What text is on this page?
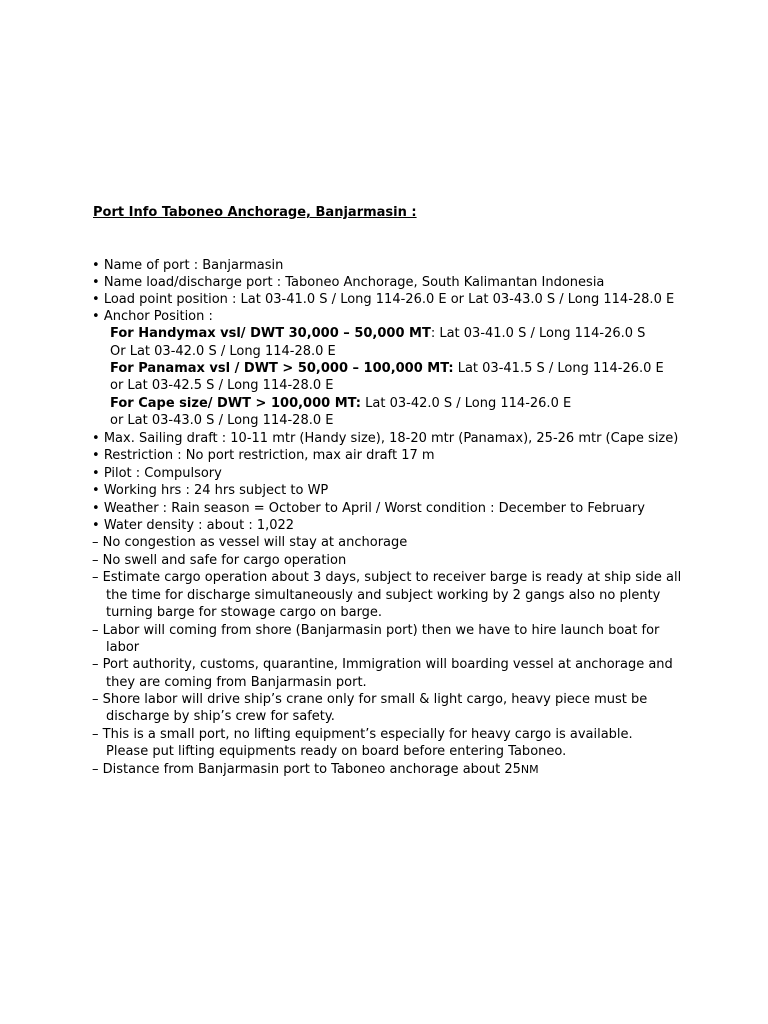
Port Info Taboneo Anchorage, Banjarmasin :
• Name of port : Banjarmasin
• Name load/discharge port : Taboneo Anchorage, South Kalimantan Indonesia
• Load point position : Lat 03-41.0 S / Long 114-26.0 E or Lat 03-43.0 S / Long 114-28.0 E
• Anchor Position :
For Handymax vsl/ DWT 30,000 – 50,000 MT: Lat 03-41.0 S / Long 114-26.0 S
Or Lat 03-42.0 S / Long 114-28.0 E
For Panamax vsl / DWT > 50,000 – 100,000 MT: Lat 03-41.5 S / Long 114-26.0 E
or Lat 03-42.5 S / Long 114-28.0 E
For Cape size/ DWT > 100,000 MT: Lat 03-42.0 S / Long 114-26.0 E
or Lat 03-43.0 S / Long 114-28.0 E
• Max. Sailing draft : 10-11 mtr (Handy size), 18-20 mtr (Panamax), 25-26 mtr (Cape size)
• Restriction : No port restriction, max air draft 17 m
• Pilot : Compulsory
• Working hrs : 24 hrs subject to WP
• Weather : Rain season = October to April / Worst condition : December to February
• Water density : about : 1,022
– No congestion as vessel will stay at anchorage
– No swell and safe for cargo operation
– Estimate cargo operation about 3 days, subject to receiver barge is ready at ship side all
the time for discharge simultaneously and subject working by 2 gangs also no plenty
turning barge for stowage cargo on barge.
– Labor will coming from shore (Banjarmasin port) then we have to hire launch boat for
labor
– Port authority, customs, quarantine, Immigration will boarding vessel at anchorage and
they are coming from Banjarmasin port.
– Shore labor will drive ship’s crane only for small & light cargo, heavy piece must be
discharge by ship’s crew for safety.
– This is a small port, no lifting equipment’s especially for heavy cargo is available.
Please put lifting equipments ready on board before entering Taboneo.
– Distance from Banjarmasin port to Taboneo anchorage about 25NM
